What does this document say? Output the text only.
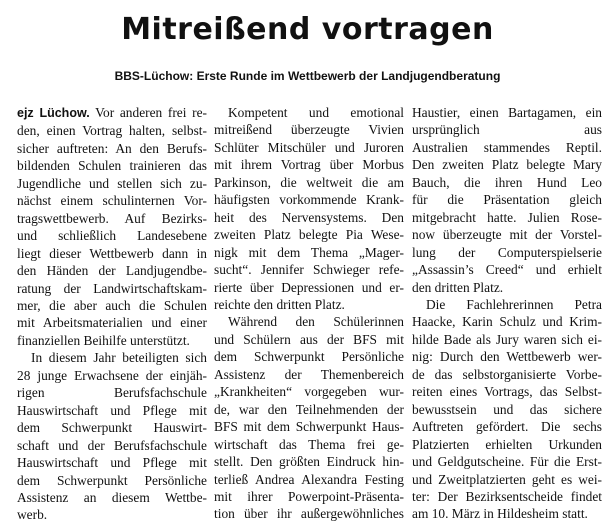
Mitreißend vortragen
BBS-Lüchow: Erste Runde im Wettbewerb der Landjugendberatung
ejz Lüchow. Vor anderen frei re-
den, einen Vortrag halten, selbst-
sicher auftreten: An den Berufs-
bildenden Schulen trainieren das
Jugendliche und stellen sich zu-
nächst einem schulinternen Vor-
tragswettbewerb. Auf Bezirks-
und schließlich Landesebene
liegt dieser Wettbewerb dann in
den Händen der Landjugendbe-
ratung der Landwirtschaftskam-
mer, die aber auch die Schulen
mit Arbeitsmaterialien und einer
finanziellen Beihilfe unterstützt.
In diesem Jahr beteiligten sich
28 junge Erwachsene der einjäh-
rigen Berufsfachschule
Hauswirtschaft und Pflege mit
dem Schwerpunkt Hauswirt-
schaft und der Berufsfachschule
Hauswirtschaft und Pflege mit
dem Schwerpunkt Persönliche
Assistenz an diesem Wettbe-
werb.
Kompetent und emotional
mitreißend überzeugte Vivien
Schlüter Mitschüler und Juroren
mit ihrem Vortrag über Morbus
Parkinson, die weltweit die am
häufigsten vorkommende Krank-
heit des Nervensystems. Den
zweiten Platz belegte Pia Wese-
nigk mit dem Thema „Mager-
sucht“. Jennifer Schwieger refe-
rierte über Depressionen und er-
reichte den dritten Platz.
Während den Schülerinnen
und Schülern aus der BFS mit
dem Schwerpunkt Persönliche
Assistenz der Themenbereich
„Krankheiten“ vorgegeben wur-
de, war den Teilnehmenden der
BFS mit dem Schwerpunkt Haus-
wirtschaft das Thema frei ge-
stellt. Den größten Eindruck hin-
terließ Andrea Alexandra Festing
mit ihrer Powerpoint-Präsenta-
tion über ihr außergewöhnliches
Haustier, einen Bartagamen, ein
ursprünglich aus
Australien stammendes Reptil.
Den zweiten Platz belegte Mary
Bauch, die ihren Hund Leo
für die Präsentation gleich
mitgebracht hatte. Julien Rose-
now überzeugte mit der Vorstel-
lung der Computerspielserie
„Assassin’s Creed“ und erhielt
den dritten Platz.
Die Fachlehrerinnen Petra
Haacke, Karin Schulz und Krim-
hilde Bade als Jury waren sich ei-
nig: Durch den Wettbewerb wer-
de das selbstorganisierte Vorbe-
reiten eines Vortrags, das Selbst-
bewusstsein und das sichere
Auftreten gefördert. Die sechs
Platzierten erhielten Urkunden
und Geldgutscheine. Für die Erst-
und Zweitplatzierten geht es wei-
ter: Der Bezirksentscheide findet
am 10. März in Hildesheim statt.
